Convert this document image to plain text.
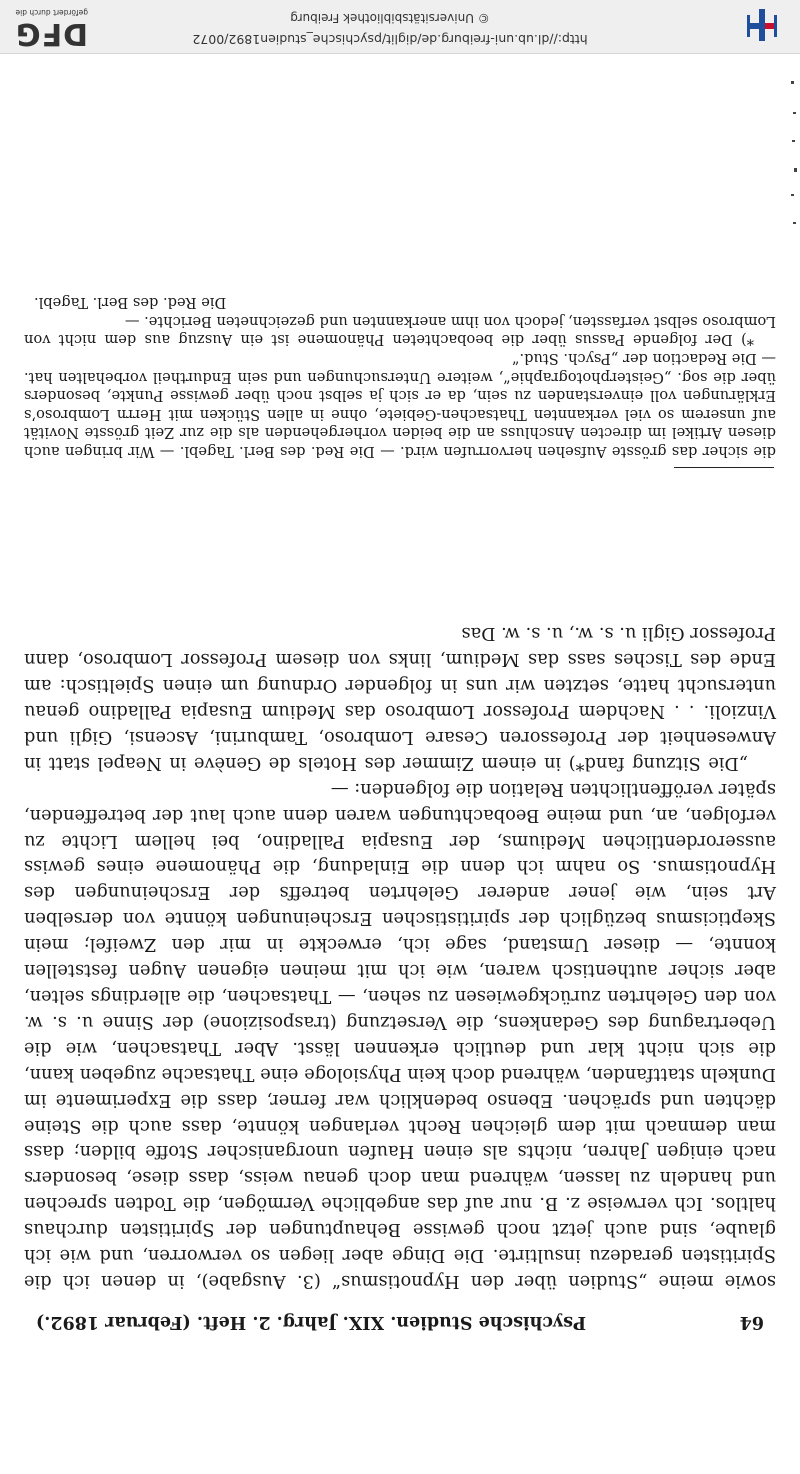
64
Psychische Studien. XIX. Jahrg. 2. Heft. (Februar 1892.)

sowie meine „Studien über den Hypnotismus“ (3. Ausgabe), in denen ich die Spiritisten geradezu insultirte. Die Dinge aber liegen so verworren, und wie ich glaube, sind auch jetzt noch gewisse Behauptungen der Spiritisten durchaus haltlos. Ich verweise z. B. nur auf das angebliche Vermögen, die Todten sprechen und handeln zu lassen, während man doch genau weiss, dass diese, besonders nach einigen Jahren, nichts als einen Haufen unorganischer Stoffe bilden; dass man demnach mit dem gleichen Recht verlangen könnte, dass auch die Steine dächten und sprächen. Ebenso bedenklich war ferner, dass die Experimente im Dunkeln stattfanden, während doch kein Physiologe eine Thatsache zugeben kann, die sich nicht klar und deutlich erkennen lässt. Aber Thatsachen, wie die Uebertragung des Gedankens, die Versetzung (trasposizione) der Sinne u. s. w. von den Gelehrten zurückgewiesen zu sehen, — Thatsachen, die allerdings selten, aber sicher authentisch waren, wie ich mit meinen eigenen Augen feststellen konnte, — dieser Umstand, sage ich, erweckte in mir den Zweifel; mein Skepticismus bezüglich der spiritistischen Erscheinungen könnte von derselben Art sein, wie jener anderer Gelehrten betreffs der Erscheinungen des Hypnotismus. So nahm ich denn die Einladung, die Phänomene eines gewiss ausserordentlichen Mediums, der Eusapia Palladino, bei hellem Lichte zu verfolgen, an, und meine Beobachtungen waren denn auch laut der betreffenden, später veröffentlichten Relation die folgenden: —

„Die Sitzung fand*) in einem Zimmer des Hotels de Genève in Neapel statt in Anwesenheit der Professoren Cesare Lombroso, Tamburini, Ascensi, Gigli und Vinzioli. . . Nachdem Professor Lombroso das Medium Eusapia Palladino genau untersucht hatte, setzten wir uns in folgender Ordnung um einen Spieltisch: am Ende des Tisches sass das Medium, links von diesem Professor Lombroso, dann Professor Gigli u. s. w., u. s. w. Das

die sicher das grösste Aufsehen hervorrufen wird. — Die Red. des Berl. Tagebl. — Wir bringen auch diesen Artikel im directen Anschluss an die beiden vorhergehenden als die zur Zeit grösste Novität auf unserem so viel verkannten Thatsachen-Gebiete, ohne in allen Stücken mit Herrn Lombroso’s Erklärungen voll einverstanden zu sein, da er sich ja selbst noch über gewisse Punkte, besonders über die sog. „Geisterphotographie“, weitere Untersuchungen und sein Endurtheil vorbehalten hat. — Die Redaction der „Psych. Stud.“

*) Der folgende Passus über die beobachteten Phänomene ist ein Auszug aus dem nicht von Lombroso selbst verfassten, jedoch von ihm anerkannten und gezeichneten Berichte. —

Die Red. des Berl. Tagebl.

http://dl.ub.uni-freiburg.de/diglit/psychische_studien1892/0072
© Universitätsbibliothek Freiburg
DFG
gefördert durch die
